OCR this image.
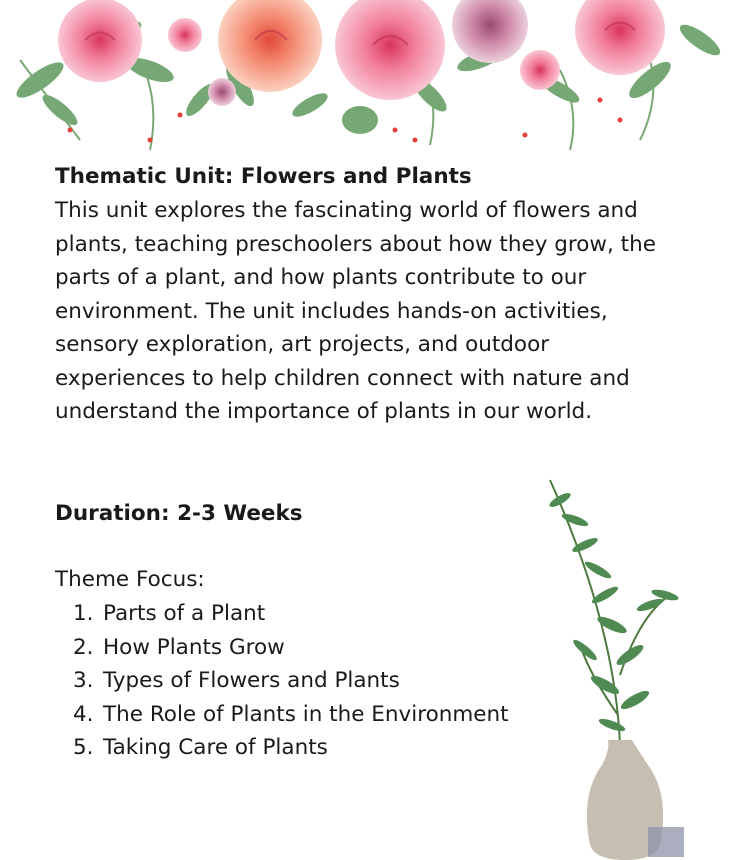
Thematic Unit: Flowers and Plants

This unit explores the fascinating world of flowers and plants, teaching preschoolers about how they grow, the parts of a plant, and how plants contribute to our environment. The unit includes hands-on activities, sensory exploration, art projects, and outdoor experiences to help children connect with nature and understand the importance of plants in our world.

Duration: 2-3 Weeks

Theme Focus:

1. Parts of a Plant
2. How Plants Grow
3. Types of Flowers and Plants
4. The Role of Plants in the Environment
5. Taking Care of Plants
